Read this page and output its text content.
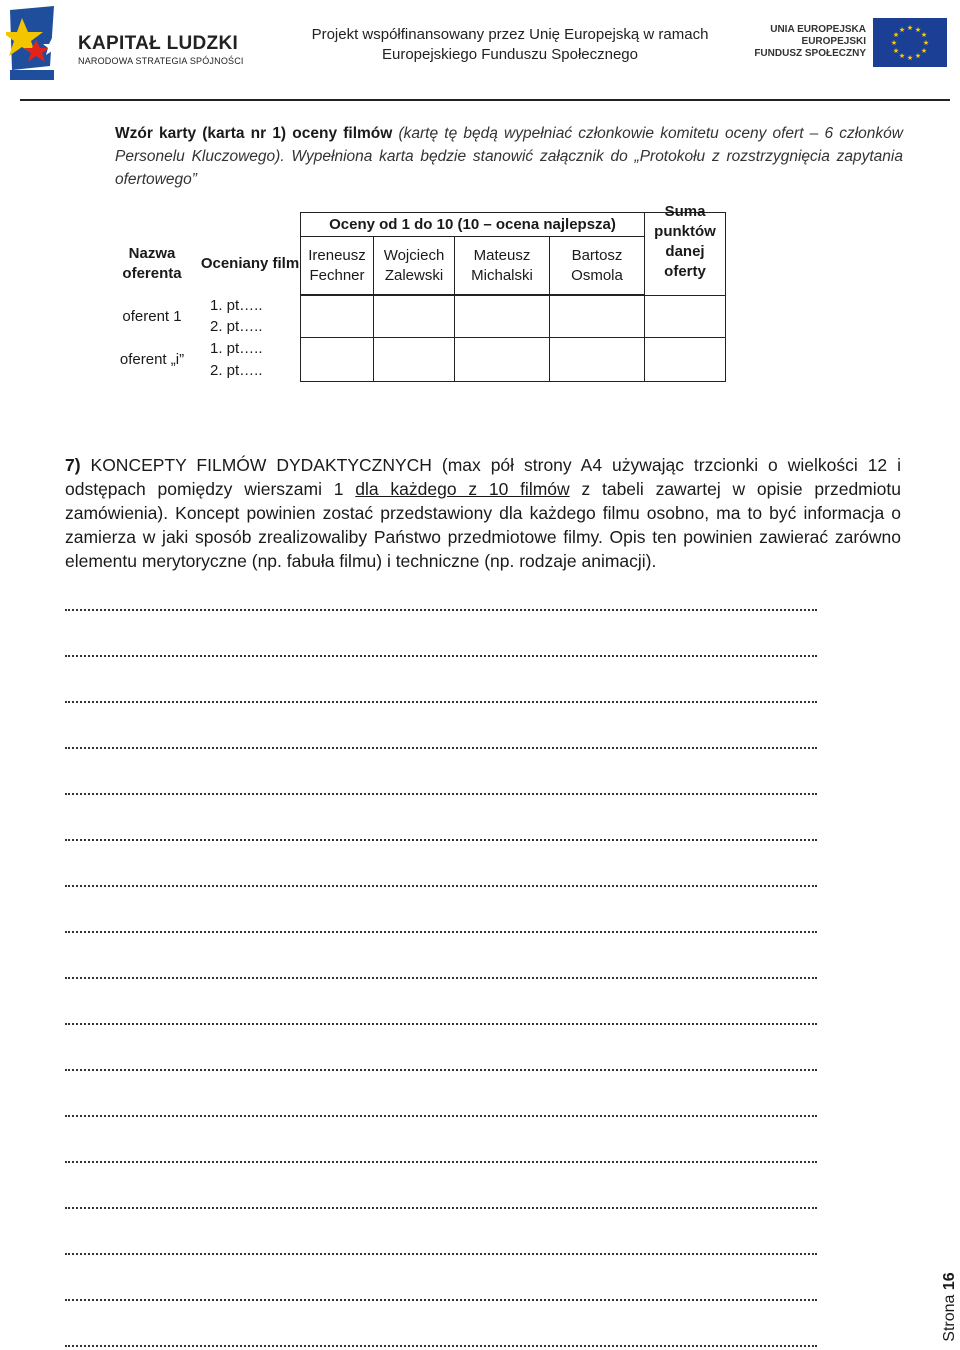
KAPITAŁ LUDZKI
NARODOWA STRATEGIA SPÓJNOŚCI
Projekt współfinansowany przez Unię Europejską w ramach
Europejskiego Funduszu Społecznego
UNIA EUROPEJSKA
EUROPEJSKI
FUNDUSZ SPOŁECZNY
★ ★
★
★
★
★
★
★
★
★
★
★
Wzór karty (karta nr 1) oceny filmów (kartę tę będą wypełniać członkowie komitetu oceny ofert – 6 członków Personelu Kluczowego). Wypełniona karta będzie stanowić załącznik do „Protokołu z rozstrzygnięcia zapytania ofertowego”
Nazwa oferenta	Oceniany film	Oceny od 1 do 10 (10 – ocena najlepsza)				Suma punktów danej oferty

		Ireneusz Fechner	Wojciech Zalewski	Mateusz Michalski	Bartosz Osmola	

oferent 1	1. pt…..					
	2. pt…..					
oferent „i”	1. pt…..					
	2. pt…..					
7) KONCEPTY FILMÓW DYDAKTYCZNYCH (max pół strony A4 używając trzcionki o wielkości 12 i odstępach pomiędzy wierszami 1 dla każdego z 10 filmów z tabeli zawartej w opisie przedmiotu zamówienia). Koncept powinien zostać przedstawiony dla każdego filmu osobno, ma to być informacja o zamierza w jaki sposób zrealizowaliby Państwo przedmiotowe filmy. Opis ten powinien zawierać zarówno elementu merytoryczne (np. fabuła filmu) i techniczne (np. rodzaje animacji).
Strona 16
